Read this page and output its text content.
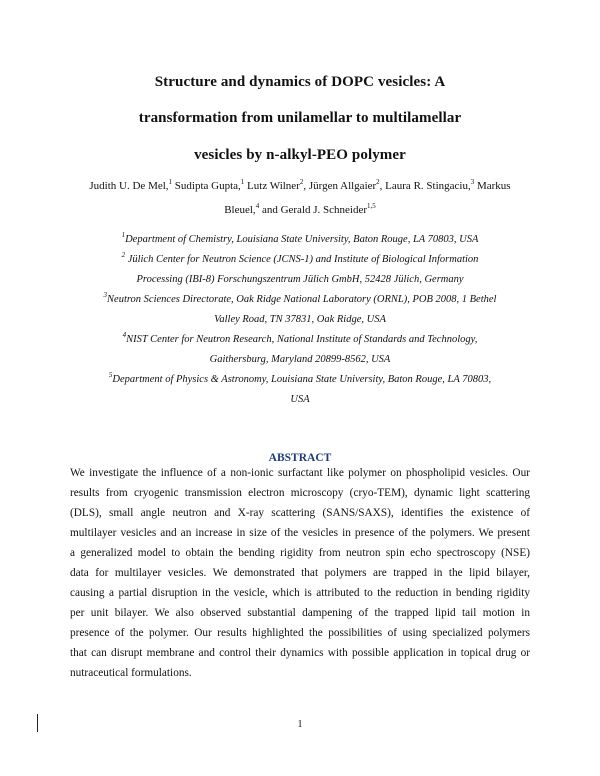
Structure and dynamics of DOPC vesicles: A
transformation from unilamellar to multilamellar
vesicles by n-alkyl-PEO polymer
Judith U. De Mel,$^1$ Sudipta Gupta,$^1$ Lutz Wilner$^2$, Jürgen Allgaier$^2$, Laura R. Stingaciu,$^3$ Markus
Bleuel,$^4$ and Gerald J. Schneider$^{1,5}$
$^1$Department of Chemistry, Louisiana State University, Baton Rouge, LA 70803, USA
$^2$ Jülich Center for Neutron Science (JCNS-1) and Institute of Biological Information
Processing (IBI-8) Forschungszentrum Jülich GmbH, 52428 Jülich, Germany
$^3$Neutron Sciences Directorate, Oak Ridge National Laboratory (ORNL), POB 2008, 1 Bethel
Valley Road, TN 37831, Oak Ridge, USA
$^4$NIST Center for Neutron Research, National Institute of Standards and Technology,
Gaithersburg, Maryland 20899-8562, USA
$^5$Department of Physics & Astronomy, Louisiana State University, Baton Rouge, LA 70803,
USA
ABSTRACT
We investigate the influence of a non-ionic surfactant like polymer on phospholipid vesicles. Our
results from cryogenic transmission electron microscopy (cryo-TEM), dynamic light scattering
(DLS), small angle neutron and X-ray scattering (SANS/SAXS), identifies the existence of
multilayer vesicles and an increase in size of the vesicles in presence of the polymers. We present
a generalized model to obtain the bending rigidity from neutron spin echo spectroscopy (NSE)
data for multilayer vesicles. We demonstrated that polymers are trapped in the lipid bilayer,
causing a partial disruption in the vesicle, which is attributed to the reduction in bending rigidity
per unit bilayer. We also observed substantial dampening of the trapped lipid tail motion in
presence of the polymer. Our results highlighted the possibilities of using specialized polymers
that can disrupt membrane and control their dynamics with possible application in topical drug or
nutraceutical formulations.
1
